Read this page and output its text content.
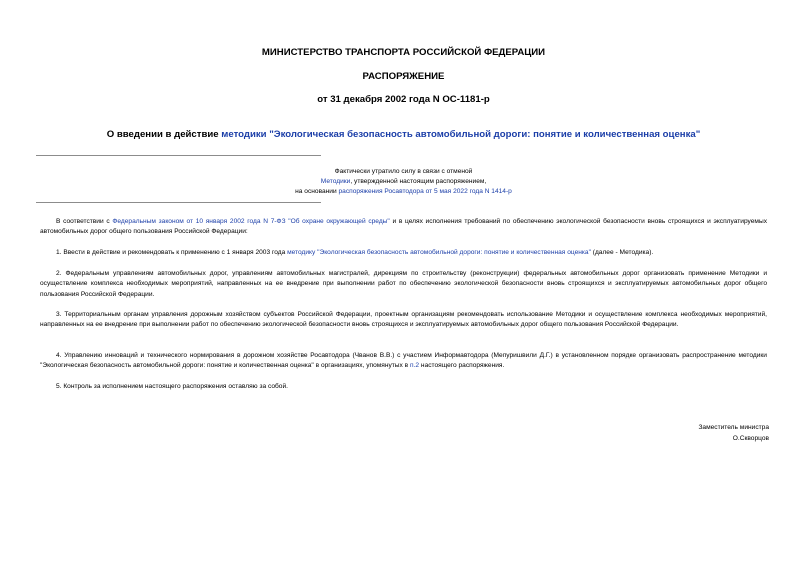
МИНИСТЕРСТВО ТРАНСПОРТА РОССИЙСКОЙ ФЕДЕРАЦИИ
РАСПОРЯЖЕНИЕ
от 31 декабря 2002 года N ОС-1181-р
О введении в действие методики "Экологическая безопасность автомобильной дороги: понятие и количественная оценка"
Фактически утратило силу в связи с отменой
Методики, утвержденной настоящим распоряжением,
на основании распоряжения Росавтодора от 5 мая 2022 года N 1414-р
В соответствии с Федеральным законом от 10 января 2002 года N 7-ФЗ "Об охране окружающей среды" и в целях исполнения требований по обеспечению экологической безопасности вновь строящихся и эксплуатируемых автомобильных дорог общего пользования Российской Федерации:
1. Ввести в действие и рекомендовать к применению с 1 января 2003 года методику "Экологическая безопасность автомобильной дороги: понятие и количественная оценка" (далее - Методика).
2. Федеральным управлениям автомобильных дорог, управлениям автомобильных магистралей, дирекциям по строительству (реконструкции) федеральных автомобильных дорог организовать применение Методики и осуществление комплекса необходимых мероприятий, направленных на ее внедрение при выполнении работ по обеспечению экологической безопасности вновь строящихся и эксплуатируемых автомобильных дорог общего пользования Российской Федерации.
3. Территориальным органам управления дорожным хозяйством субъектов Российской Федерации, проектным организациям рекомендовать использование Методики и осуществление комплекса необходимых мероприятий, направленных на ее внедрение при выполнении работ по обеспечению экологической безопасности вновь строящихся и эксплуатируемых автомобильных дорог общего пользования Российской Федерации.
4. Управлению инноваций и технического нормирования в дорожном хозяйстве Росавтодора (Чванов В.В.) с участием Информавтодора (Мепуришвили Д.Г.) в установленном порядке организовать распространение методики "Экологическая безопасность автомобильной дороги: понятие и количественная оценка" в организациях, упомянутых в п.2 настоящего распоряжения.
5. Контроль за исполнением настоящего распоряжения оставляю за собой.
Заместитель министра
О.Скворцов
